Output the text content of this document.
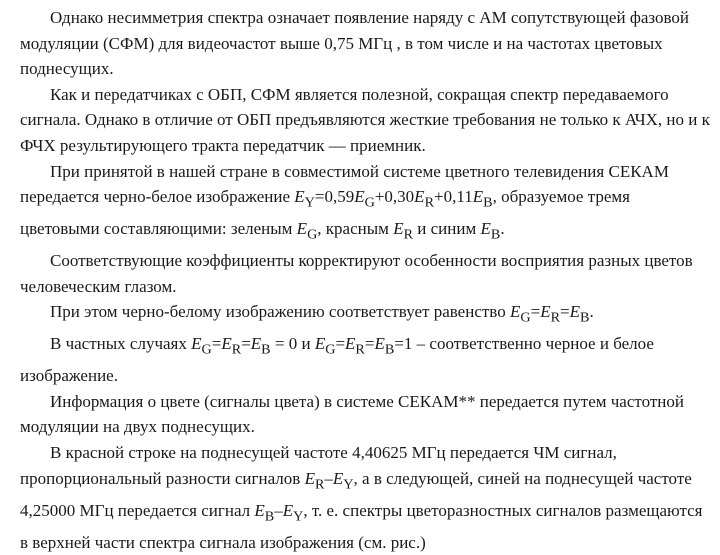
Однако несимметрия спектра означает появление наряду с АМ сопутствующей фазовой модуляции (СФМ) для видеочастот выше 0,75 МГц , в том числе и на частотах цветовых поднесущих.

Как и передатчиках с ОБП, СФМ является полезной, сокращая спектр передаваемого сигнала. Однако в отличие от ОБП предъявляются жесткие требования не только к АЧХ, но и к ФЧХ результирующего тракта передатчик — приемник.

При принятой в нашей стране в совместимой системе цветного телевидения СЕКАМ передается черно-белое изображение $E_Y=0,59E_G+0,30E_R+0,11E_B$, образуемое тремя цветовыми составляющими: зеленым $E_G$, красным $E_R$ и синим $E_B$.

Соответствующие коэффициенты корректируют особенности восприятия разных цветов человеческим глазом.

При этом черно-белому изображению соответствует равенство $E_G=E_R=E_B$.

В частных случаях $E_G=E_R=E_B = 0$ и $E_G=E_R=E_B=1$ – соответственно черное и белое изображение.

Информация о цвете (сигналы цвета) в системе СЕКАМ** передается путем частотной модуляции на двух поднесущих.

В красной строке на поднесущей частоте 4,40625 МГц передается ЧМ сигнал, пропорциональный разности сигналов $E_R-E_Y$, а в следующей, синей на поднесущей частоте 4,25000 МГц передается сигнал $E_B-E_Y$, т. е. спектры цветоразностных сигналов размещаются в верхней части спектра сигнала изображения (см. рис.)
